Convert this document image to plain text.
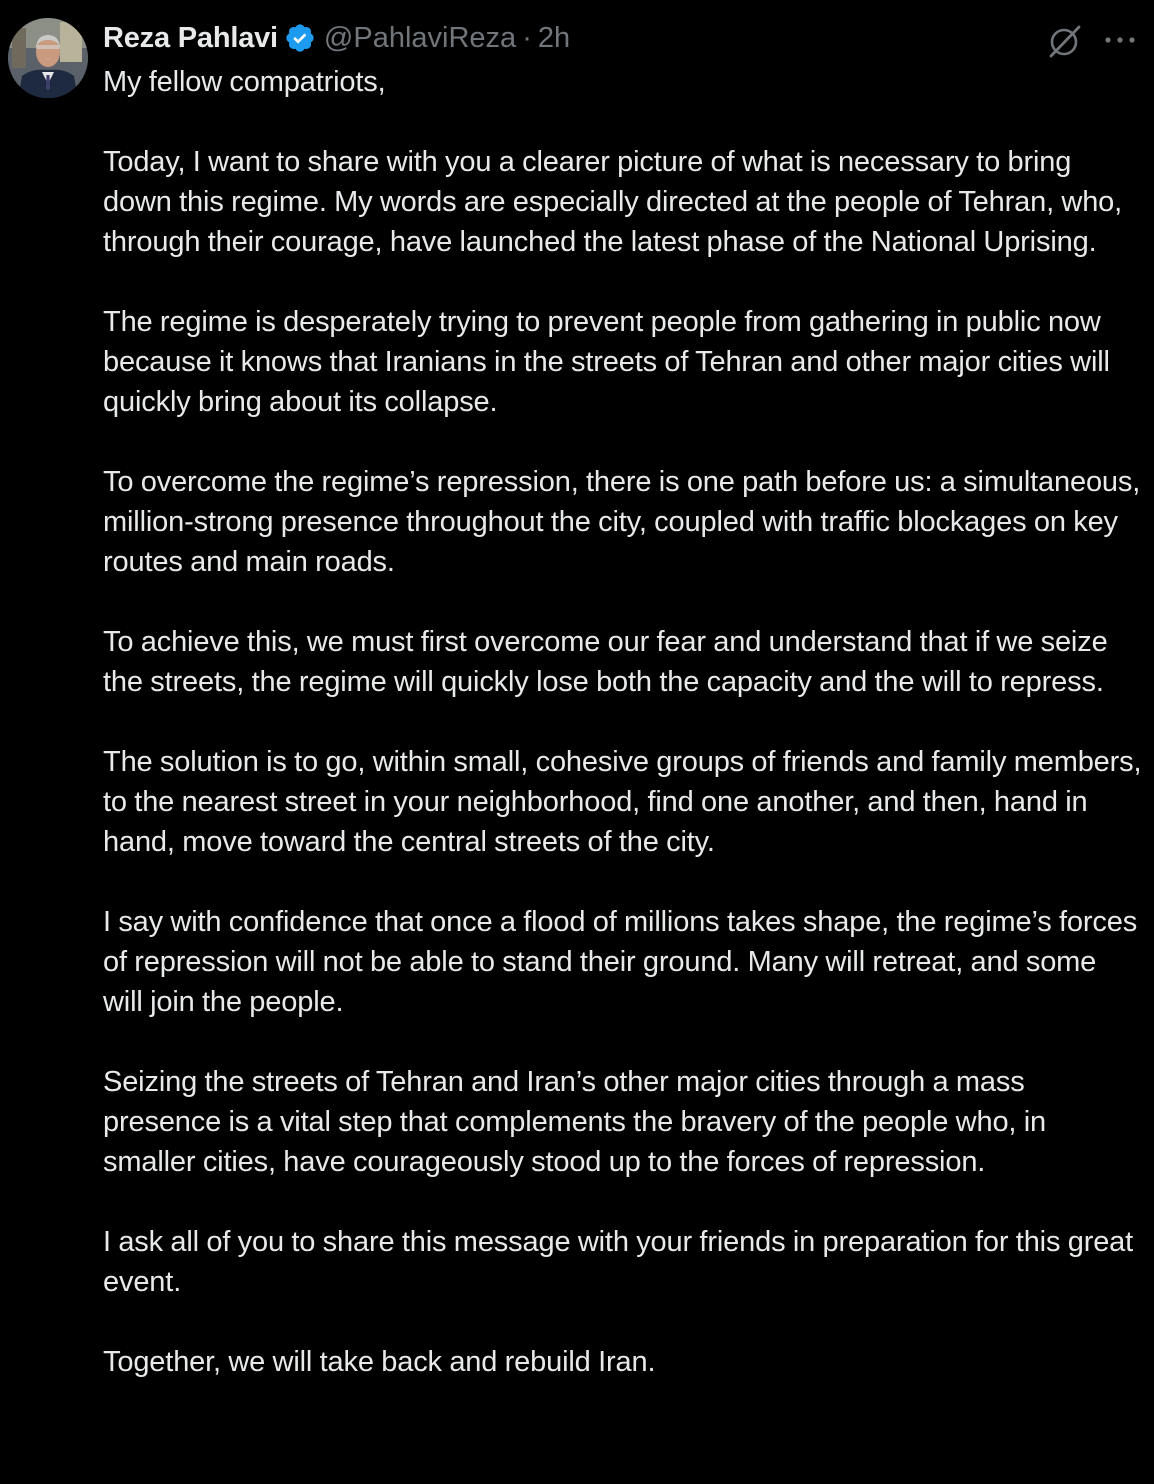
Reza Pahlavi @PahlaviReza · 2h

My fellow compatriots,

Today, I want to share with you a clearer picture of what is necessary to bring down this regime. My words are especially directed at the people of Tehran, who, through their courage, have launched the latest phase of the National Uprising.

The regime is desperately trying to prevent people from gathering in public now because it knows that Iranians in the streets of Tehran and other major cities will quickly bring about its collapse.

To overcome the regime’s repression, there is one path before us: a simultaneous, million-strong presence throughout the city, coupled with traffic blockages on key routes and main roads.

To achieve this, we must first overcome our fear and understand that if we seize the streets, the regime will quickly lose both the capacity and the will to repress.

The solution is to go, within small, cohesive groups of friends and family members, to the nearest street in your neighborhood, find one another, and then, hand in hand, move toward the central streets of the city.

I say with confidence that once a flood of millions takes shape, the regime’s forces of repression will not be able to stand their ground. Many will retreat, and some will join the people.

Seizing the streets of Tehran and Iran’s other major cities through a mass presence is a vital step that complements the bravery of the people who, in smaller cities, have courageously stood up to the forces of repression.

I ask all of you to share this message with your friends in preparation for this great event.

Together, we will take back and rebuild Iran.
